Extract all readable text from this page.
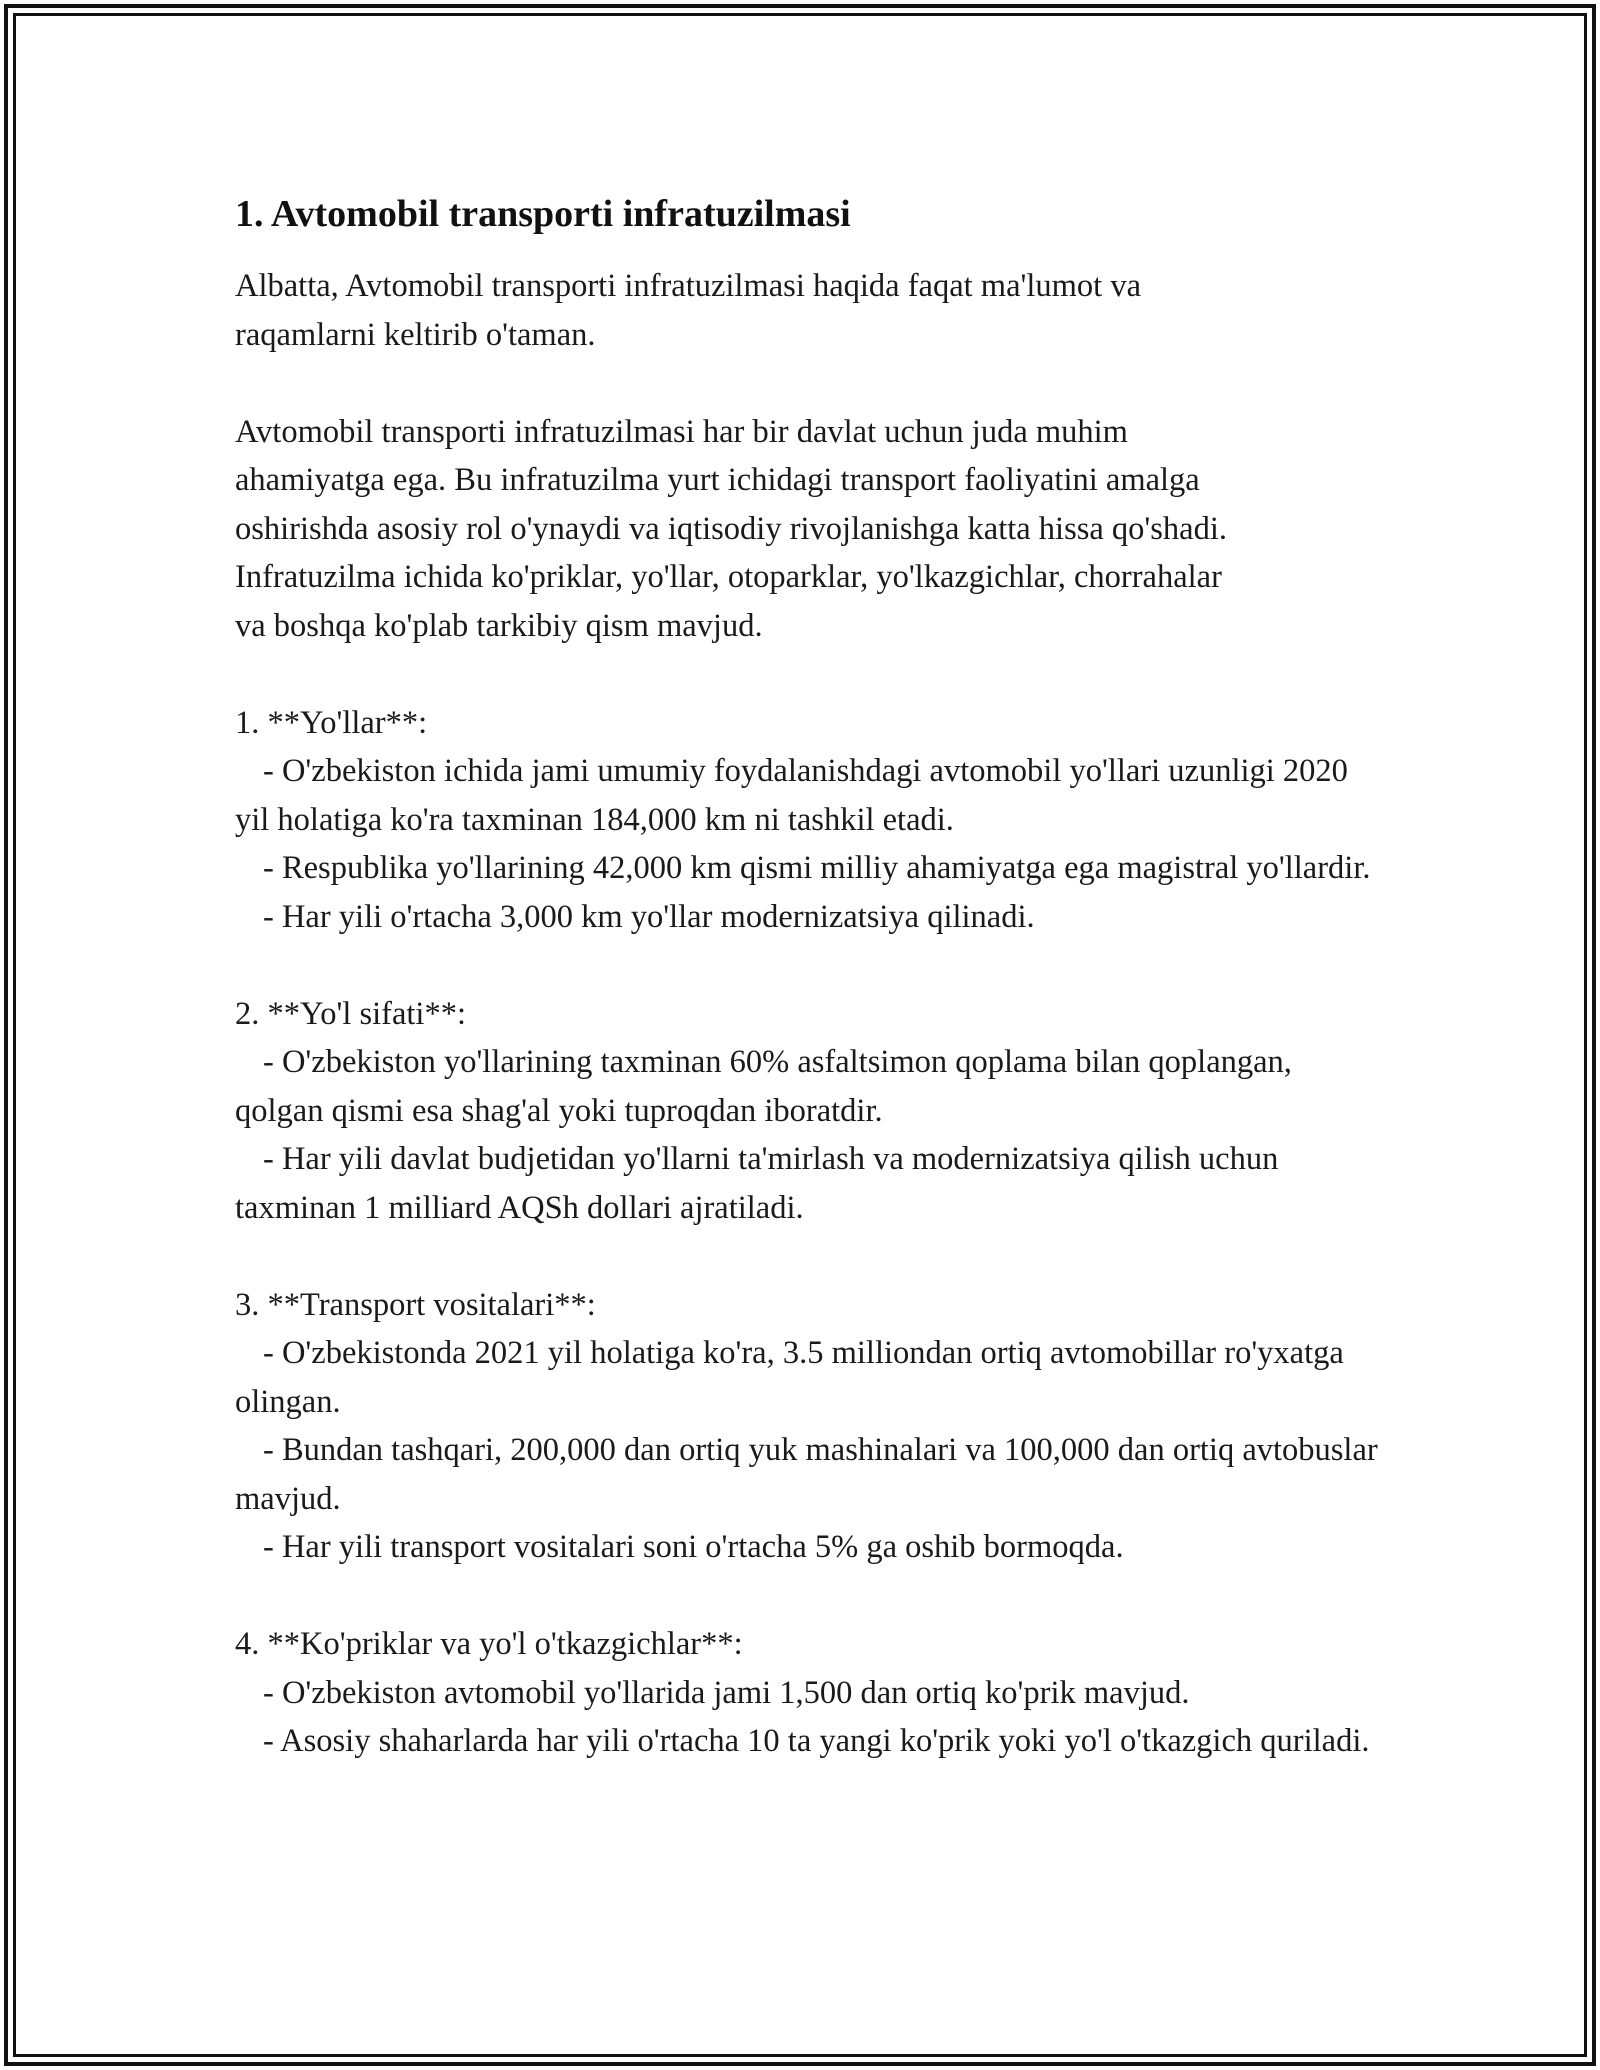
1. Avtomobil transporti infratuzilmasi

Albatta, Avtomobil transporti infratuzilmasi haqida faqat ma'lumot va
raqamlarni keltirib o'taman.

Avtomobil transporti infratuzilmasi har bir davlat uchun juda muhim
ahamiyatga ega. Bu infratuzilma yurt ichidagi transport faoliyatini amalga
oshirishda asosiy rol o'ynaydi va iqtisodiy rivojlanishga katta hissa qo'shadi.
Infratuzilma ichida ko'priklar, yo'llar, otoparklar, yo'lkazgichlar, chorrahalar
va boshqa ko'plab tarkibiy qism mavjud.

1. **Yo'llar**:

- O'zbekiston ichida jami umumiy foydalanishdagi avtomobil yo'llari uzunligi 2020 yil holatiga ko'ra taxminan 184,000 km ni tashkil etadi.

- Respublika yo'llarining 42,000 km qismi milliy ahamiyatga ega magistral yo'llardir.

- Har yili o'rtacha 3,000 km yo'llar modernizatsiya qilinadi.

2. **Yo'l sifati**:

- O'zbekiston yo'llarining taxminan 60% asfaltsimon qoplama bilan qoplangan, qolgan qismi esa shag'al yoki tuproqdan iboratdir.

- Har yili davlat budjetidan yo'llarni ta'mirlash va modernizatsiya qilish uchun taxminan 1 milliard AQSh dollari ajratiladi.

3. **Transport vositalari**:

- O'zbekistonda 2021 yil holatiga ko'ra, 3.5 milliondan ortiq avtomobillar ro'yxatga olingan.

- Bundan tashqari, 200,000 dan ortiq yuk mashinalari va 100,000 dan ortiq avtobuslar mavjud.

- Har yili transport vositalari soni o'rtacha 5% ga oshib bormoqda.

4. **Ko'priklar va yo'l o'tkazgichlar**:

- O'zbekiston avtomobil yo'llarida jami 1,500 dan ortiq ko'prik mavjud.

- Asosiy shaharlarda har yili o'rtacha 10 ta yangi ko'prik yoki yo'l o'tkazgich quriladi.
